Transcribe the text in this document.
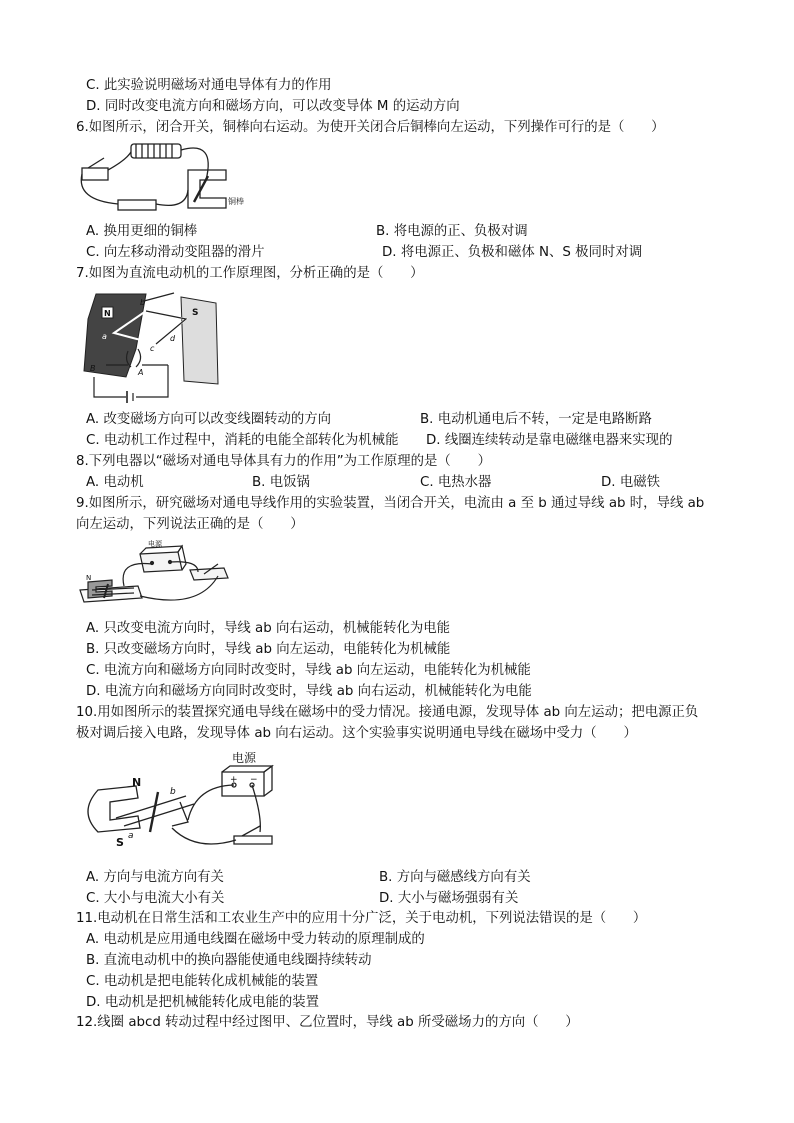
C. 此实验说明磁场对通电导体有力的作用
D. 同时改变电流方向和磁场方向，可以改变导体 M 的运动方向
6.如图所示，闭合开关，铜棒向右运动。为使开关闭合后铜棒向左运动，下列操作可行的是（　　）
铜棒
A. 换用更细的铜棒	B. 将电源的正、负极对调
C. 向左移动滑动变阻器的滑片	D. 将电源正、负极和磁体 N、S 极同时对调
7.如图为直流电动机的工作原理图，分析正确的是（　　）
N	S
a
b
c
d
A
B
A. 改变磁场方向可以改变线圈转动的方向	B. 电动机通电后不转，一定是电路断路
C. 电动机工作过程中，消耗的电能全部转化为机械能 D. 线圈连续转动是靠电磁继电器来实现的
8.下列电器以“磁场对通电导体具有力的作用”为工作原理的是（　　）
A. 电动机	B. 电饭锅	C. 电热水器	D. 电磁铁
9.如图所示，研究磁场对通电导线作用的实验装置，当闭合开关，电流由 a 至 b 通过导线 ab 时，导线 ab
向左运动，下列说法正确的是（　　）
电源
N
A. 只改变电流方向时，导线 ab 向右运动，机械能转化为电能
B. 只改变磁场方向时，导线 ab 向左运动，电能转化为机械能
C. 电流方向和磁场方向同时改变时，导线 ab 向左运动，电能转化为机械能
D. 电流方向和磁场方向同时改变时，导线 ab 向右运动，机械能转化为电能
10.用如图所示的装置探究通电导线在磁场中的受力情况。接通电源，发现导体 ab 向左运动；把电源正负
极对调后接入电路，发现导体 ab 向右运动。这个实验事实说明通电导线在磁场中受力（　　）
电源
+ −
N
S
b
a
A. 方向与电流方向有关	B. 方向与磁感线方向有关
C. 大小与电流大小有关	D. 大小与磁场强弱有关
11.电动机在日常生活和工农业生产中的应用十分广泛，关于电动机，下列说法错误的是（　　）
A. 电动机是应用通电线圈在磁场中受力转动的原理制成的
B. 直流电动机中的换向器能使通电线圈持续转动
C. 电动机是把电能转化成机械能的装置
D. 电动机是把机械能转化成电能的装置
12.线圈 abcd 转动过程中经过图甲、乙位置时，导线 ab 所受磁场力的方向（　　）
